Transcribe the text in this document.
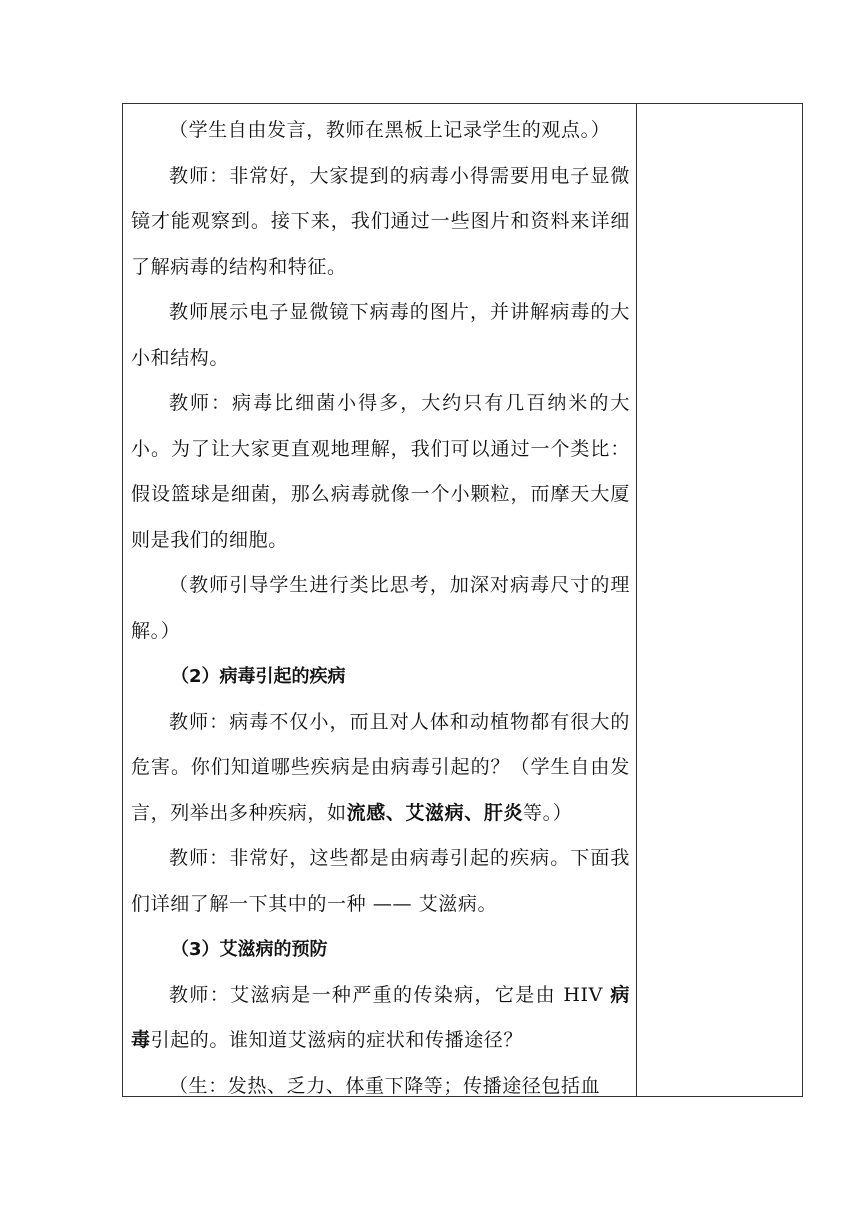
（学生自由发言，教师在黑板上记录学生的观点。）

教师：非常好，大家提到的病毒小得需要用电子显微镜才能观察到。接下来，我们通过一些图片和资料来详细了解病毒的结构和特征。

教师展示电子显微镜下病毒的图片，并讲解病毒的大小和结构。

教师：病毒比细菌小得多，大约只有几百纳米的大小。为了让大家更直观地理解，我们可以通过一个类比：假设篮球是细菌，那么病毒就像一个小颗粒，而摩天大厦则是我们的细胞。

（教师引导学生进行类比思考，加深对病毒尺寸的理解。）

（2）病毒引起的疾病

教师：病毒不仅小，而且对人体和动植物都有很大的危害。你们知道哪些疾病是由病毒引起的？（学生自由发言，列举出多种疾病，如流感、艾滋病、肝炎等。）

教师：非常好，这些都是由病毒引起的疾病。下面我们详细了解一下其中的一种 —— 艾滋病。

（3）艾滋病的预防

教师：艾滋病是一种严重的传染病，它是由 HIV 病毒引起的。谁知道艾滋病的症状和传播途径？

（生：发热、乏力、体重下降等；传播途径包括血
